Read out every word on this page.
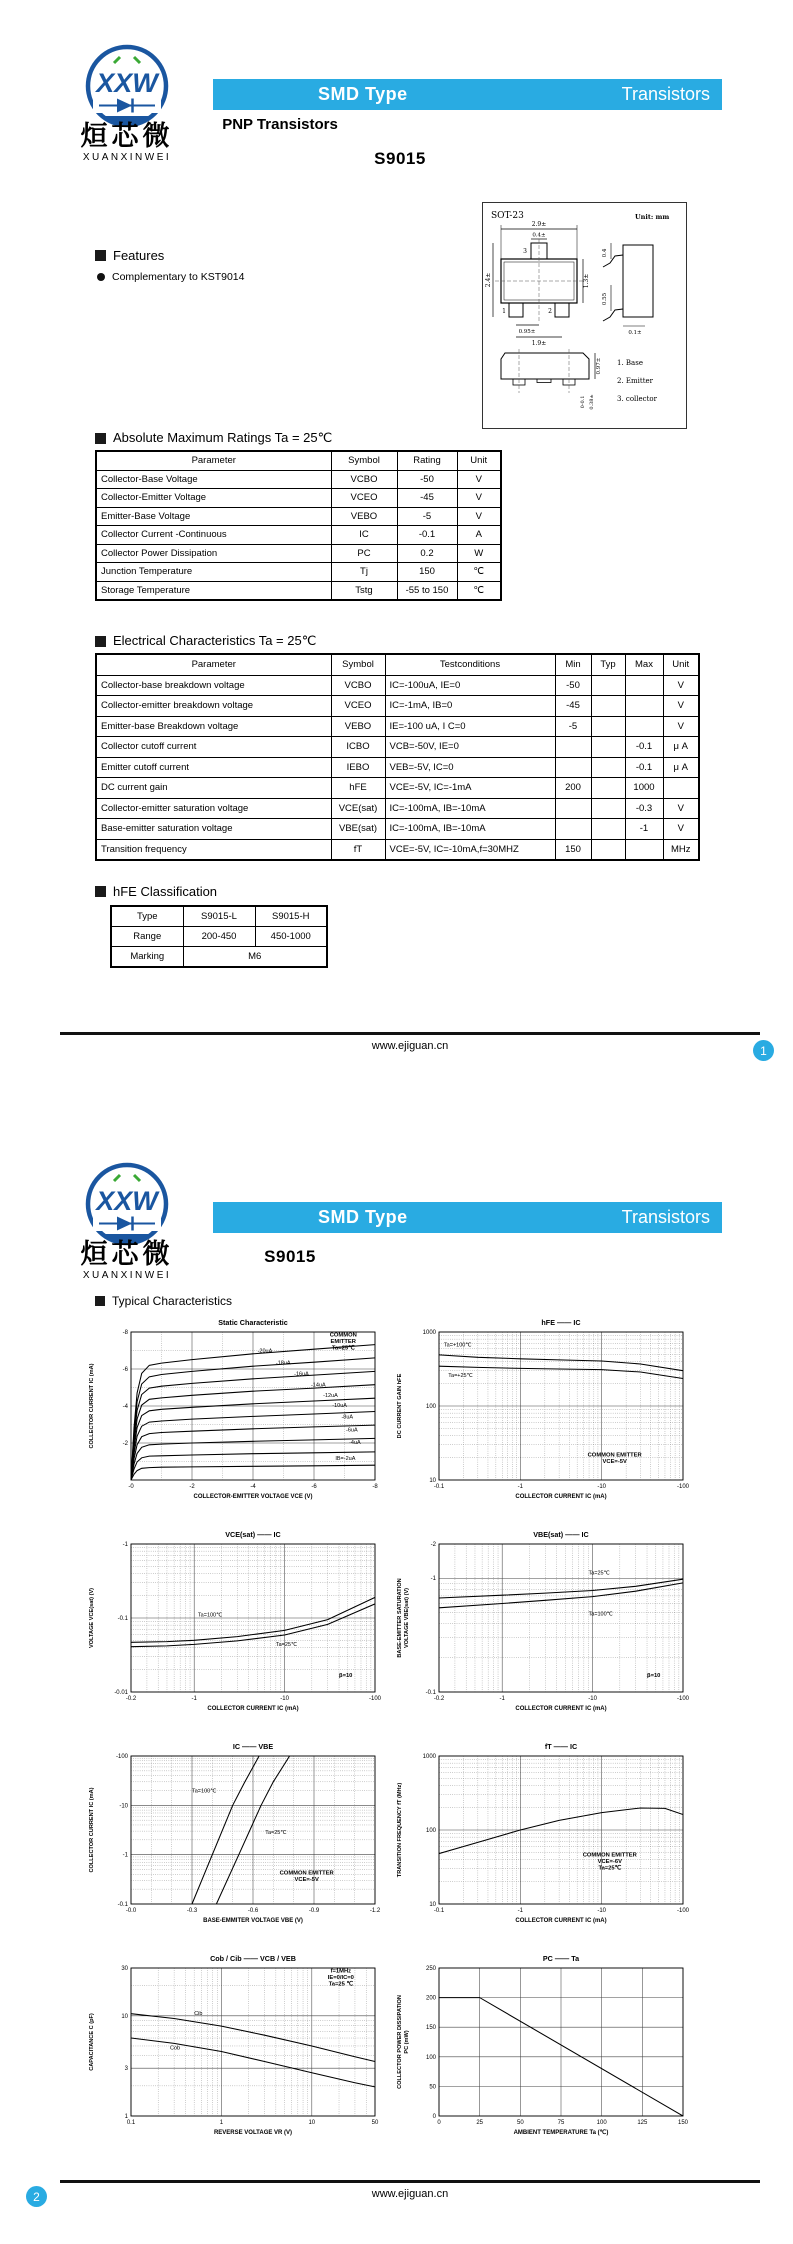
XXW
烜芯微
XUANXINWEI
SMD Type	Transistors
PNP Transistors
S9015
Features
Complementary to KST9014
SOT-23	Unit: mm
2.9±
0.4±
3
1	2
2.4±	1.3±
0.95±
1.9±
0.4
0.55
0.1±
0.97±
0.38±
0-0.1
1. Base
2. Emitter
3. collector
Absolute Maximum Ratings Ta = 25℃
Parameter	Symbol	Rating	Unit
Collector-Base Voltage	VCBO	-50	V
Collector-Emitter Voltage	VCEO	-45	V
Emitter-Base Voltage	VEBO	-5	V
Collector Current -Continuous	IC	-0.1	A
Collector Power Dissipation	PC	0.2	W
Junction Temperature	Tj	150	℃
Storage Temperature	Tstg	-55 to 150	℃
Electrical Characteristics Ta = 25℃
Parameter	Symbol	Testconditions	Min	Typ	Max	Unit
Collector-base breakdown voltage	VCBO	IC=-100uA, IE=0	-50			V
Collector-emitter breakdown voltage	VCEO	IC=-1mA, IB=0	-45			V
Emitter-base Breakdown voltage	VEBO	IE=-100 uA, I C=0	-5			V
Collector cutoff current	ICBO	VCB=-50V, IE=0			-0.1	μ A
Emitter cutoff current	IEBO	VEB=-5V, IC=0			-0.1	μ A
DC current gain	hFE	VCE=-5V, IC=-1mA	200		1000	
Collector-emitter saturation voltage	VCE(sat)	IC=-100mA, IB=-10mA			-0.3	V
Base-emitter saturation voltage	VBE(sat)	IC=-100mA, IB=-10mA			-1	V
Transition frequency	fT	VCE=-5V, IC=-10mA,f=30MHZ	150			MHz
hFE Classification
Type	S9015-L	S9015-H
Range	200-450	450-1000
Marking	M6	
www.ejiguan.cn	1
XXW
烜芯微
XUANXINWEI
SMD Type	Transistors
S9015
Typical Characteristics
-0	-2	-4	-6	-8
-2
-4
-6
-8
-20uA
-18uA
-16uA
-14uA
-12uA
-10uA
-8uA
-6uA
-4uA
IB=-2uA
COMMON
EMITTER
Ta=25℃
Static Characteristic
COLLECTOR-EMITTER VOLTAGE VCE (V)
COLLECTOR CURRENT IC (mA)
-0.1	-1	-10	-100
10
100
1000
Ta=+100℃
Ta=+25℃
COMMON EMITTER
VCE=-5V
hFE —— IC
COLLECTOR CURRENT IC (mA)
DC CURRENT GAIN hFE
-0.2	-1	-10	-100
-0.01
-0.1
-1
Ta=100℃
Ta=25℃
β=10
VCE(sat) —— IC
COLLECTOR CURRENT IC (mA)
VOLTAGE VCE(sat) (V)
-0.2	-1	-10	-100
-0.1
-1
-2
Ta=25℃
Ta=100℃
β=10
VBE(sat) —— IC
COLLECTOR CURRENT IC (mA)
BASE-EMITTER SATURATION VOLTAGE VBE(sat) (V)
-0.0	-0.3	-0.6	-0.9	-1.2
-0.1
-1
-10
-100
Ta=100℃
Ta=25℃
COMMON EMITTER
VCE=-5V
IC —— VBE
BASE-EMMITER VOLTAGE VBE (V)
COLLECTOR CURRENT IC (mA)
-0.1	-1	-10	-100
10
100
1000
COMMON EMITTER
VCE=-6V
Ta=25℃
fT —— IC
COLLECTOR CURRENT IC (mA)
TRANSITION FREQUENCY fT (MHz)
0.1	1	10	50
1
3
10
30
Cib
Cob
f=1MHz
IE=0/IC=0
Ta=25 ℃
Cob / Cib —— VCB / VEB
REVERSE VOLTAGE VR (V)
CAPACITANCE C (pF)
0	25	50	75	100	125	150
0
50
100
150
200
250
PC —— Ta
AMBIENT TEMPERATURE Ta (℃)
COLLECTOR POWER DISSIPATION PC (mW)
www.ejiguan.cn
2
